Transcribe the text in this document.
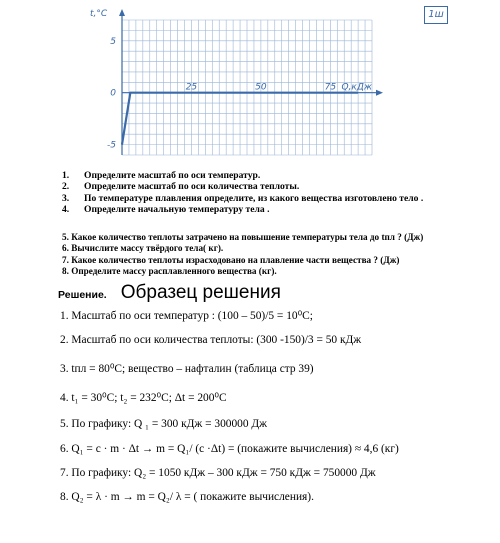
5
0
-5
25	50	75
t,°C
Q,кДж
1ш
1. Определите масштаб по оси температур.
2. Определите масштаб по оси количества теплоты.
3. По температуре плавления определите, из какого вещества изготовлено тело .
4. Определите начальную температуру тела .
5. Какое количество теплоты затрачено на повышение температуры тела до tпл ? (Дж)
6. Вычислите массу твёрдого тела( кг).
7. Какое количество теплоты израсходовано на плавление части вещества ? (Дж)
8. Определите массу расплавленного вещества (кг).
Решение. Образец решения
1. Масштаб по оси температур : (100 – 50)/5 = 10⁰C;
2. Масштаб по оси количества теплоты: (300 -150)/3 = 50 кДж
3. tпл = 80⁰C; вещество – нафталин (таблица стр 39)
4. t₁ = 30⁰C; t₂ = 232⁰C; Δt = 200⁰C
5. По графику: Q ₁ = 300 кДж = 300000 Дж
6. Q₁ = c · m · Δt → m = Q₁/ (c ·Δt) = (покажите вычисления) ≈ 4,6 (кг)
7. По графику: Q₂ = 1050 кДж – 300 кДж = 750 кДж = 750000 Дж
8. Q₂ = λ · m → m = Q₂/ λ = ( покажите вычисления).
